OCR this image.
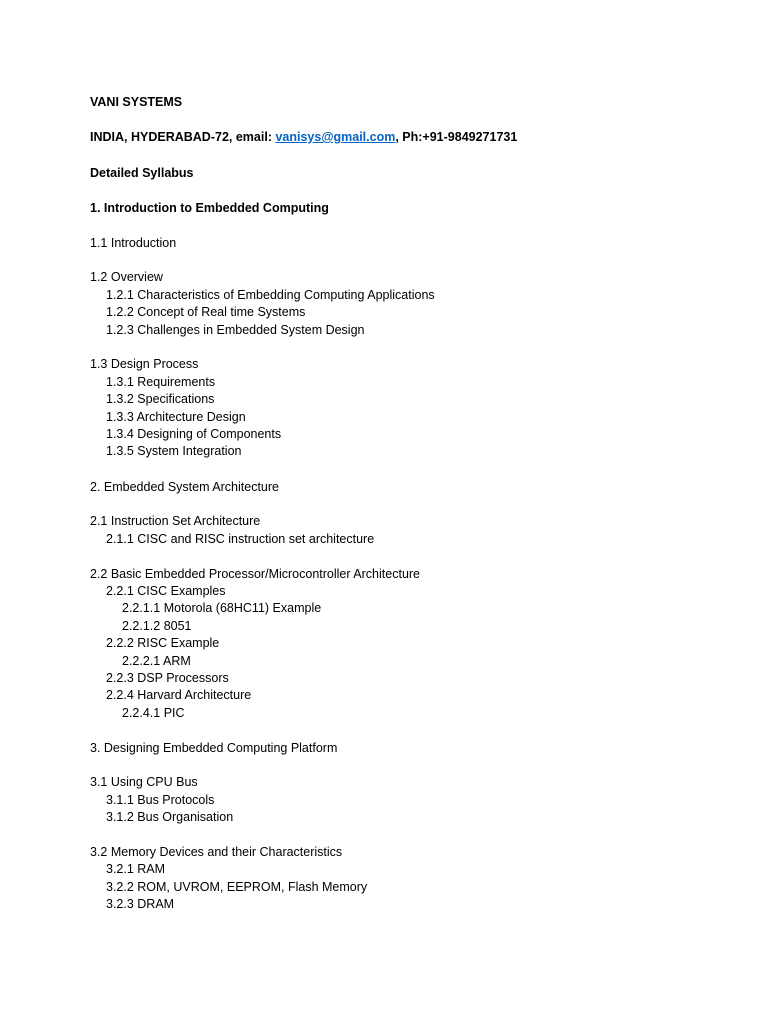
VANI SYSTEMS
INDIA, HYDERABAD-72, email: vanisys@gmail.com, Ph:+91-9849271731
Detailed Syllabus
1. Introduction to Embedded Computing
1.1 Introduction
1.2 Overview
1.2.1 Characteristics of Embedding Computing Applications
1.2.2 Concept of Real time Systems
1.2.3 Challenges in Embedded System Design
1.3 Design Process
1.3.1 Requirements
1.3.2 Specifications
1.3.3 Architecture Design
1.3.4 Designing of Components
1.3.5 System Integration
2. Embedded System Architecture
2.1 Instruction Set Architecture
2.1.1 CISC and RISC instruction set architecture
2.2 Basic Embedded Processor/Microcontroller Architecture
2.2.1 CISC Examples
2.2.1.1 Motorola (68HC11) Example
2.2.1.2 8051
2.2.2 RISC Example
2.2.2.1 ARM
2.2.3 DSP Processors
2.2.4 Harvard Architecture
2.2.4.1 PIC
3. Designing Embedded Computing Platform
3.1 Using CPU Bus
3.1.1 Bus Protocols
3.1.2 Bus Organisation
3.2 Memory Devices and their Characteristics
3.2.1 RAM
3.2.2 ROM, UVROM, EEPROM, Flash Memory
3.2.3 DRAM
